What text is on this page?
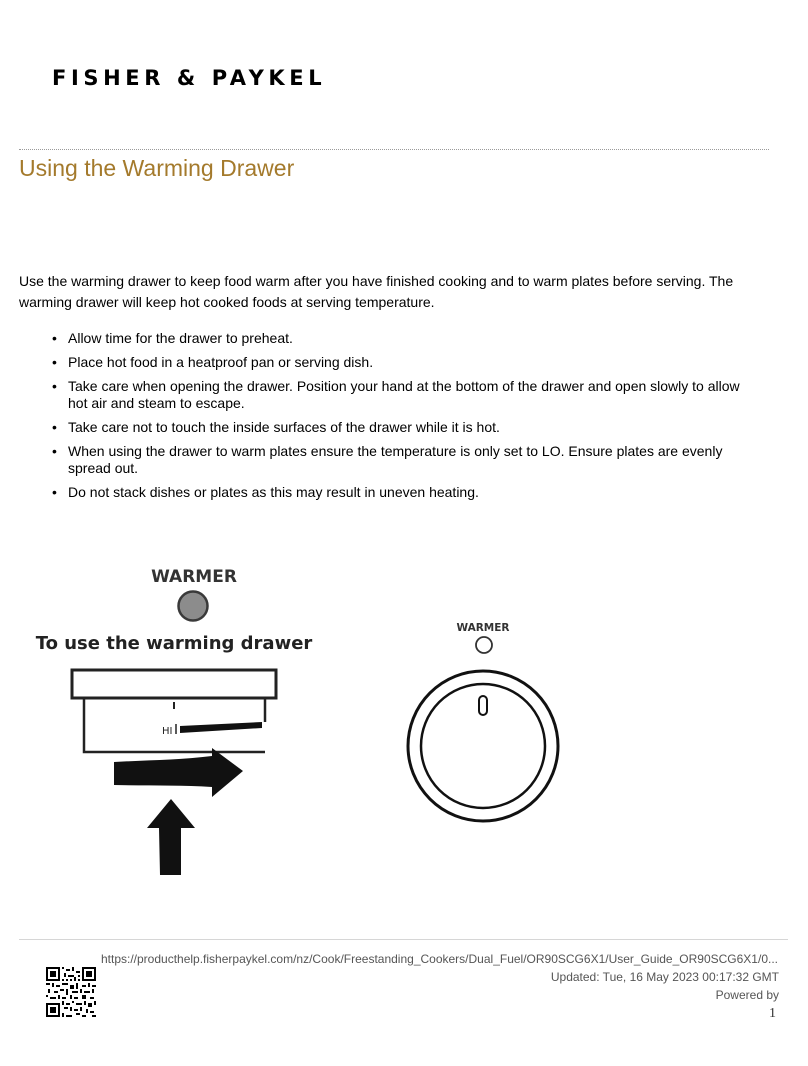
FISHER & PAYKEL
Using the Warming Drawer

Use the warming drawer to keep food warm after you have finished cooking and to warm plates before serving. The warming drawer will keep hot cooked foods at serving temperature.

• Allow time for the drawer to preheat.
• Place hot food in a heatproof pan or serving dish.
• Take care when opening the drawer. Position your hand at the bottom of the drawer and open slowly to allow hot air and steam to escape.
• Take care not to touch the inside surfaces of the drawer while it is hot.
• When using the drawer to warm plates ensure the temperature is only set to LO. Ensure plates are evenly spread out.
• Do not stack dishes or plates as this may result in uneven heating.
WARMER
To use the warming drawer
HI
WARMER
https://producthelp.fisherpaykel.com/nz/Cook/Freestanding_Cookers/Dual_Fuel/OR90SCG6X1/User_Guide_OR90SCG6X1/0...
Updated: Tue, 16 May 2023 00:17:32 GMT
Powered by
1
